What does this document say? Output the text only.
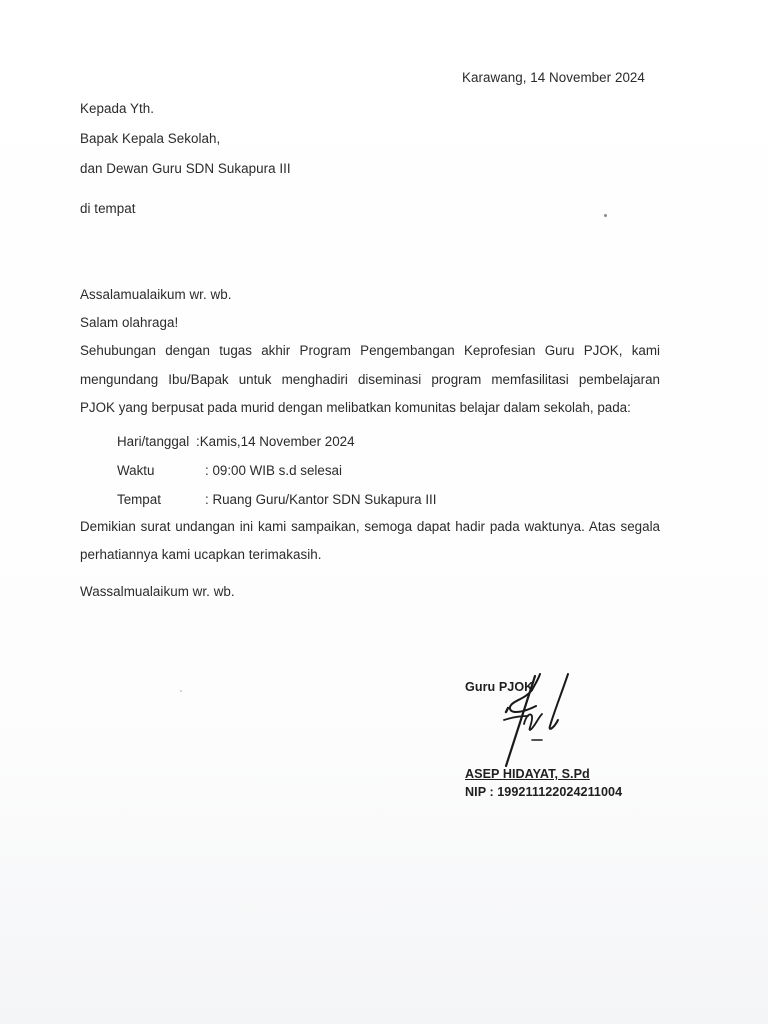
Karawang, 14 November 2024
Kepada Yth.
Bapak Kepala Sekolah,
dan Dewan Guru SDN Sukapura III
di tempat
Assalamualaikum wr. wb.
Salam olahraga!
Sehubungan dengan tugas akhir Program Pengembangan Keprofesian Guru PJOK, kami
mengundang Ibu/Bapak untuk menghadiri diseminasi program memfasilitasi pembelajaran
PJOK yang berpusat pada murid dengan melibatkan komunitas belajar dalam sekolah, pada:
Hari/tanggal :Kamis,14 November 2024
Waktu	: 09:00 WIB s.d selesai
Tempat	: Ruang Guru/Kantor SDN Sukapura III
Demikian surat undangan ini kami sampaikan, semoga dapat hadir pada waktunya. Atas segala
perhatiannya kami ucapkan terimakasih.
Wassalmualaikum wr. wb.
Guru PJOK
ASEP HIDAYAT, S.Pd
NIP : 199211122024211004
